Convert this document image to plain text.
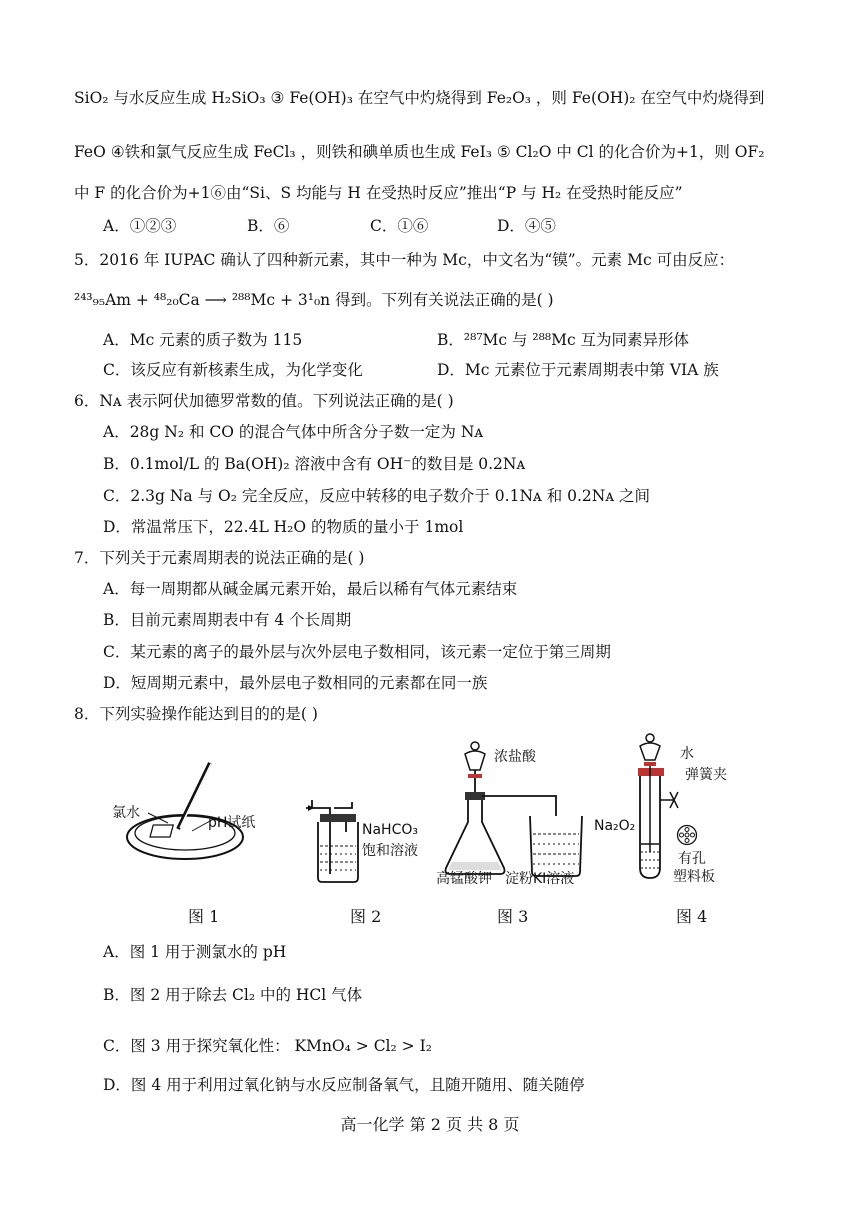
SiO₂ 与水反应生成 H₂SiO₃ ③ Fe(OH)₃ 在空气中灼烧得到 Fe₂O₃ ，则 Fe(OH)₂ 在空气中灼烧得到
FeO ④铁和氯气反应生成 FeCl₃ ，则铁和碘单质也生成 FeI₃ ⑤ Cl₂O 中 Cl 的化合价为+1，则 OF₂
中 F 的化合价为+1⑥由“Si、S 均能与 H 在受热时反应”推出“P 与 H₂ 在受热时能反应”
A．①②③	B．⑥	C．①⑥	D．④⑤
5．2016 年 IUPAC 确认了四种新元素，其中一种为 Mc，中文名为“镆”。元素 Mc 可由反应：
²⁴³₉₅Am + ⁴⁸₂₀Ca ⟶ ²⁸⁸Mc + 3¹₀n 得到。下列有关说法正确的是( )
A．Mc 元素的质子数为 115	B．²⁸⁷Mc 与 ²⁸⁸Mc 互为同素异形体
C．该反应有新核素生成，为化学变化	D．Mc 元素位于元素周期表中第 VIA 族
6．Nᴀ 表示阿伏加德罗常数的值。下列说法正确的是( )
A．28g N₂ 和 CO 的混合气体中所含分子数一定为 Nᴀ
B．0.1mol/L 的 Ba(OH)₂ 溶液中含有 OH⁻的数目是 0.2Nᴀ
C．2.3g Na 与 O₂ 完全反应，反应中转移的电子数介于 0.1Nᴀ 和 0.2Nᴀ 之间
D．常温常压下，22.4L H₂O 的物质的量小于 1mol
7．下列关于元素周期表的说法正确的是( )
A．每一周期都从碱金属元素开始，最后以稀有气体元素结束
B．目前元素周期表中有 4 个长周期
C．某元素的离子的最外层与次外层电子数相同，该元素一定位于第三周期
D．短周期元素中，最外层电子数相同的元素都在同一族
8．下列实验操作能达到目的的是( )
氯水
pH试纸	NaHCO₃
饱和溶液
浓盐酸
高锰酸钾 淀粉KI溶液
水
弹簧夹
Na₂O₂
有孔
塑料板
图 1	图 2	图 3	图 4
A．图 1 用于测氯水的 pH
B．图 2 用于除去 Cl₂ 中的 HCl 气体
C．图 3 用于探究氧化性： KMnO₄ > Cl₂ > I₂
D．图 4 用于利用过氧化钠与水反应制备氧气，且随开随用、随关随停
高一化学 第 2 页 共 8 页
